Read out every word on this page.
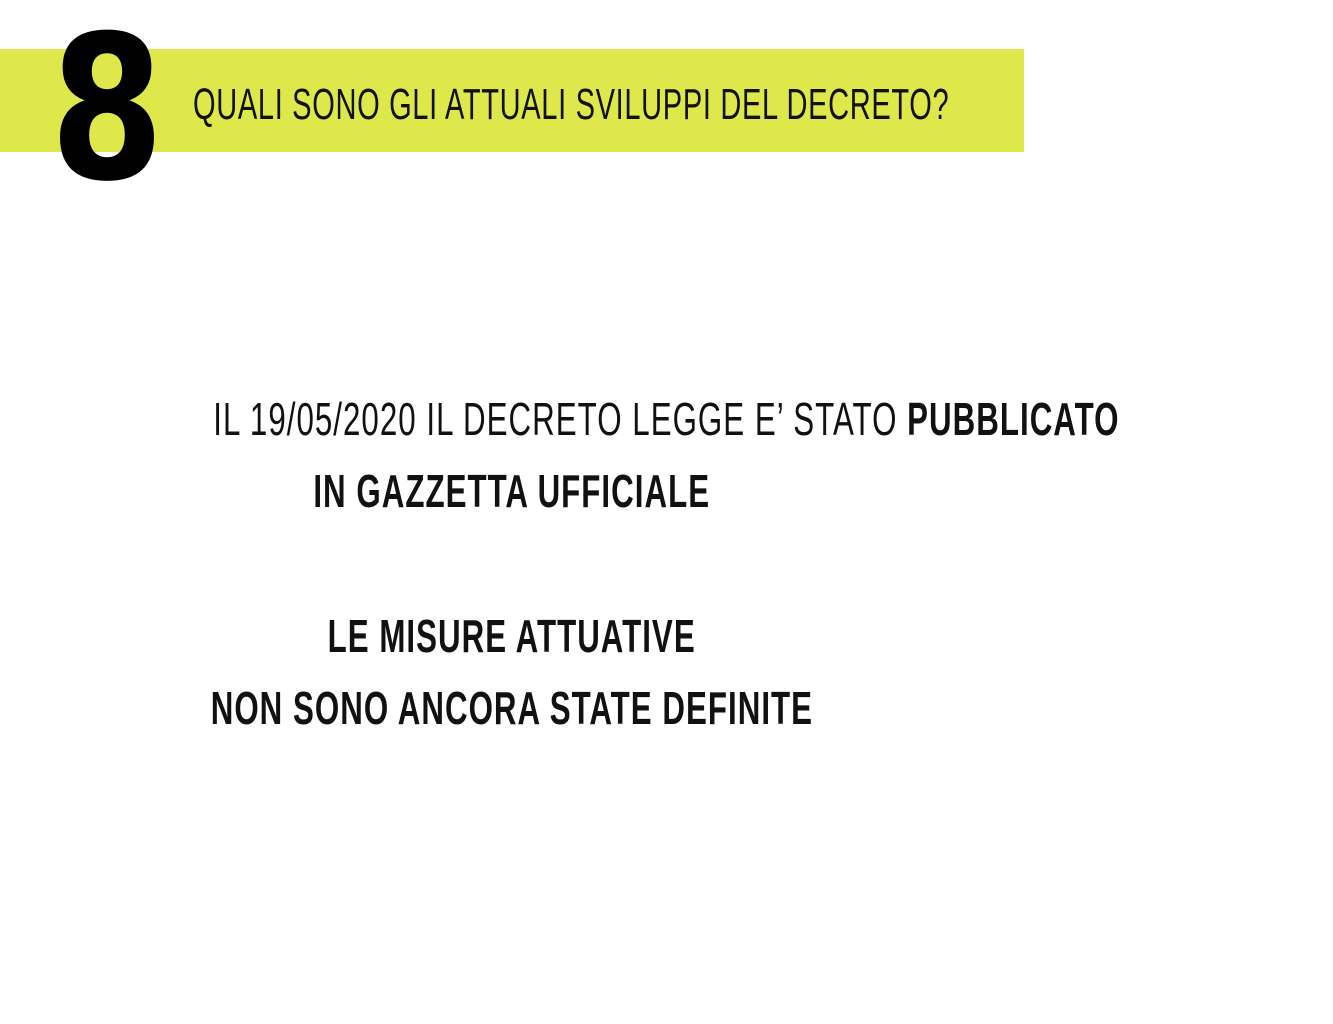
8 QUALI SONO GLI ATTUALI SVILUPPI DEL DECRETO?
IL 19/05/2020 IL DECRETO LEGGE E’ STATO PUBBLICATO
IN GAZZETTA UFFICIALE
LE MISURE ATTUATIVE
NON SONO ANCORA STATE DEFINITE
